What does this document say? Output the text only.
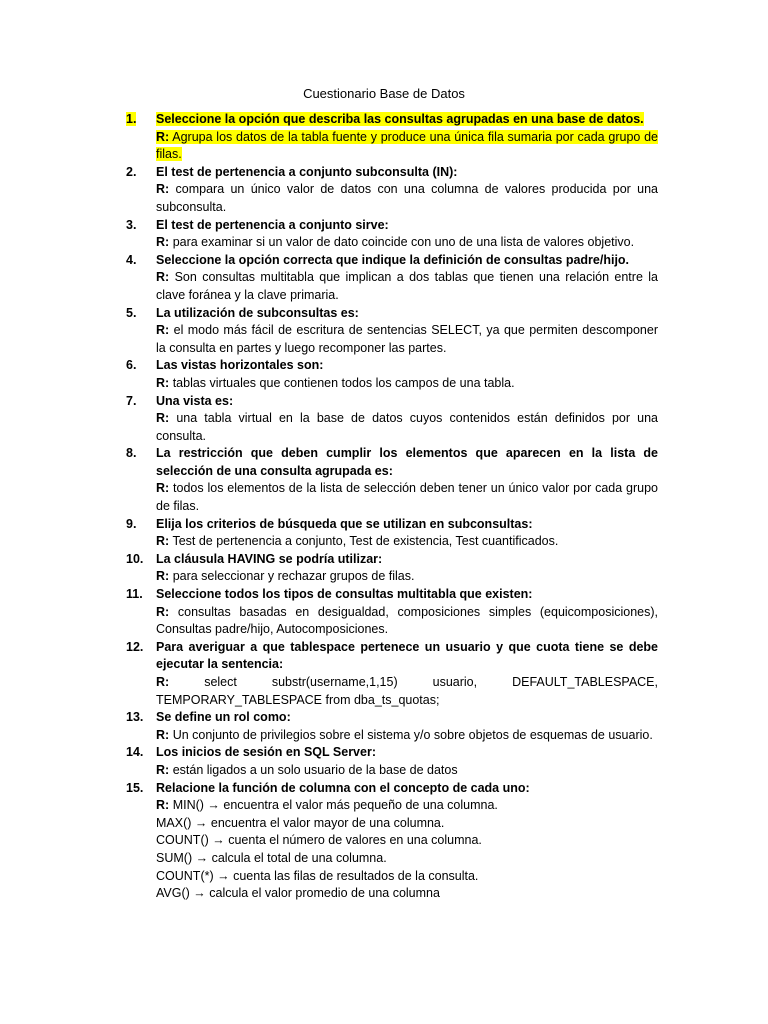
Cuestionario Base de Datos
1.	Seleccione la opción que describa las consultas agrupadas en una base de datos.
R: Agrupa los datos de la tabla fuente y produce una única fila sumaria por cada grupo de filas.
2.	El test de pertenencia a conjunto subconsulta (IN):
R: compara un único valor de datos con una columna de valores producida por una subconsulta.
3.	El test de pertenencia a conjunto sirve:
R: para examinar si un valor de dato coincide con uno de una lista de valores objetivo.
4.	Seleccione la opción correcta que indique la definición de consultas padre/hijo.
R: Son consultas multitabla que implican a dos tablas que tienen una relación entre la clave foránea y la clave primaria.
5.	La utilización de subconsultas es:
R: el modo más fácil de escritura de sentencias SELECT, ya que permiten descomponer la consulta en partes y luego recomponer las partes.
6.	Las vistas horizontales son:
R: tablas virtuales que contienen todos los campos de una tabla.
7.	Una vista es:
R: una tabla virtual en la base de datos cuyos contenidos están definidos por una consulta.
8.	La restricción que deben cumplir los elementos que aparecen en la lista de selección de una consulta agrupada es:
R: todos los elementos de la lista de selección deben tener un único valor por cada grupo de filas.
9.	Elija los criterios de búsqueda que se utilizan en subconsultas:
R: Test de pertenencia a conjunto, Test de existencia, Test cuantificados.
10.	La cláusula HAVING se podría utilizar:
R: para seleccionar y rechazar grupos de filas.
11.	Seleccione todos los tipos de consultas multitabla que existen:
R: consultas basadas en desigualdad, composiciones simples (equicomposiciones), Consultas padre/hijo, Autocomposiciones.
12.	Para averiguar a que tablespace pertenece un usuario y que cuota tiene se debe ejecutar la sentencia:
R:	select	substr(username,1,15)	usuario,	DEFAULT_TABLESPACE,
TEMPORARY_TABLESPACE from dba_ts_quotas;
13.	Se define un rol como:
R: Un conjunto de privilegios sobre el sistema y/o sobre objetos de esquemas de usuario.
14.	Los inicios de sesión en SQL Server:
R: están ligados a un solo usuario de la base de datos
15.	Relacione la función de columna con el concepto de cada uno:
R: MIN() → encuentra el valor más pequeño de una columna.
MAX() → encuentra el valor mayor de una columna.
COUNT() → cuenta el número de valores en una columna.
SUM() → calcula el total de una columna.
COUNT(*) → cuenta las filas de resultados de la consulta.
AVG() → calcula el valor promedio de una columna
